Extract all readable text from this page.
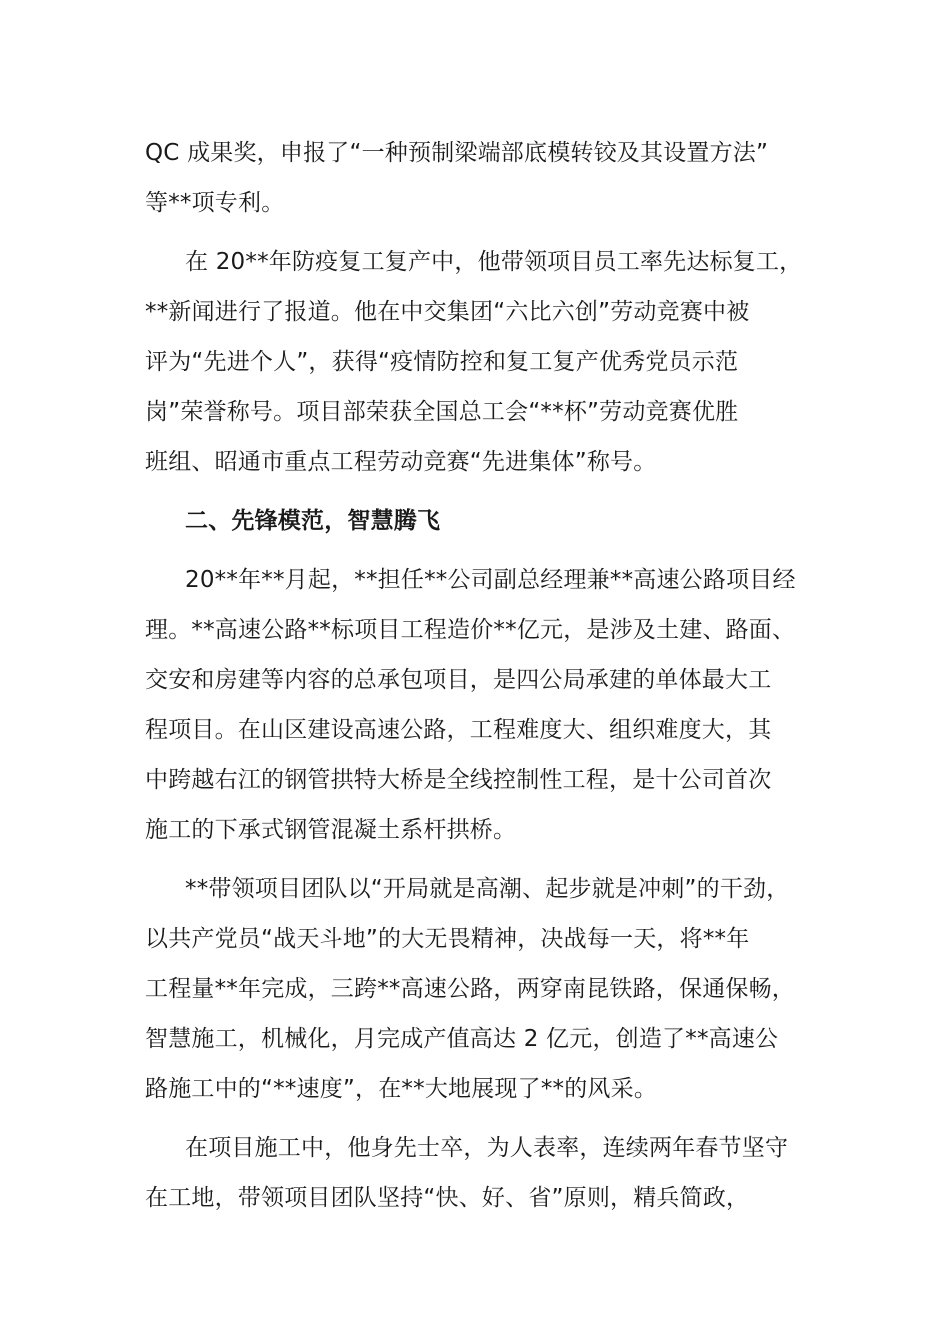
QC 成果奖，申报了“一种预制梁端部底模转铰及其设置方法”
等**项专利。
在 20**年防疫复工复产中，他带领项目员工率先达标复工，
**新闻进行了报道。他在中交集团“六比六创”劳动竞赛中被
评为“先进个人”，获得“疫情防控和复工复产优秀党员示范
岗”荣誉称号。项目部荣获全国总工会“**杯”劳动竞赛优胜
班组、昭通市重点工程劳动竞赛“先进集体”称号。
二、先锋模范，智慧腾飞
20**年**月起，**担任**公司副总经理兼**高速公路项目经
理。**高速公路**标项目工程造价**亿元，是涉及土建、路面、
交安和房建等内容的总承包项目，是四公局承建的单体最大工
程项目。在山区建设高速公路，工程难度大、组织难度大，其
中跨越右江的钢管拱特大桥是全线控制性工程，是十公司首次
施工的下承式钢管混凝土系杆拱桥。
**带领项目团队以“开局就是高潮、起步就是冲刺”的干劲，
以共产党员“战天斗地”的大无畏精神，决战每一天，将**年
工程量**年完成，三跨**高速公路，两穿南昆铁路，保通保畅，
智慧施工，机械化，月完成产值高达 2 亿元，创造了**高速公
路施工中的“**速度”，在**大地展现了**的风采。
在项目施工中，他身先士卒，为人表率，连续两年春节坚守
在工地，带领项目团队坚持“快、好、省”原则，精兵简政，
